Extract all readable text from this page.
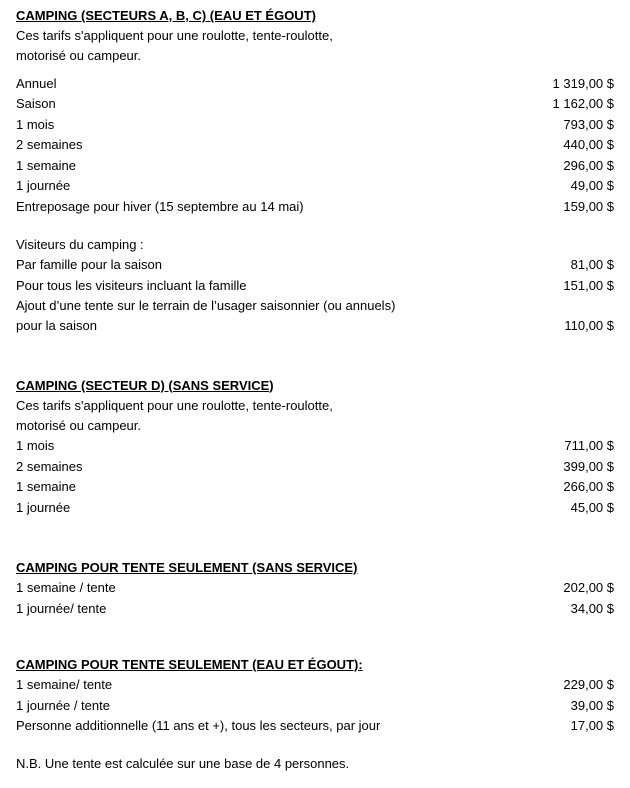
CAMPING (SECTEURS A, B, C) (EAU ET ÉGOUT)
Ces tarifs s'appliquent pour une roulotte, tente-roulotte,
motorisé ou campeur.
Annuel	1 319,00 $
Saison	1 162,00 $
1 mois	793,00 $
2 semaines	440,00 $
1 semaine	296,00 $
1 journée	49,00 $
Entreposage pour hiver (15 septembre au 14 mai)	159,00 $
Visiteurs du camping :
Par famille pour la saison	81,00 $
Pour tous les visiteurs incluant la famille	151,00 $
Ajout d’une tente sur le terrain de l’usager saisonnier (ou annuels) pour la saison	110,00 $
CAMPING (SECTEUR D) (SANS SERVICE)
Ces tarifs s'appliquent pour une roulotte, tente-roulotte,
motorisé ou campeur.
1 mois	711,00 $
2 semaines	399,00 $
1 semaine	266,00 $
1 journée	45,00 $
CAMPING POUR TENTE SEULEMENT (SANS SERVICE)
1 semaine / tente	202,00 $
1 journée/ tente	34,00 $
CAMPING POUR TENTE SEULEMENT (EAU ET ÉGOUT):
1 semaine/ tente	229,00 $
1 journée / tente	39,00 $
Personne additionnelle (11 ans et +), tous les secteurs, par jour	17,00 $
N.B. Une tente est calculée sur une base de 4 personnes.
